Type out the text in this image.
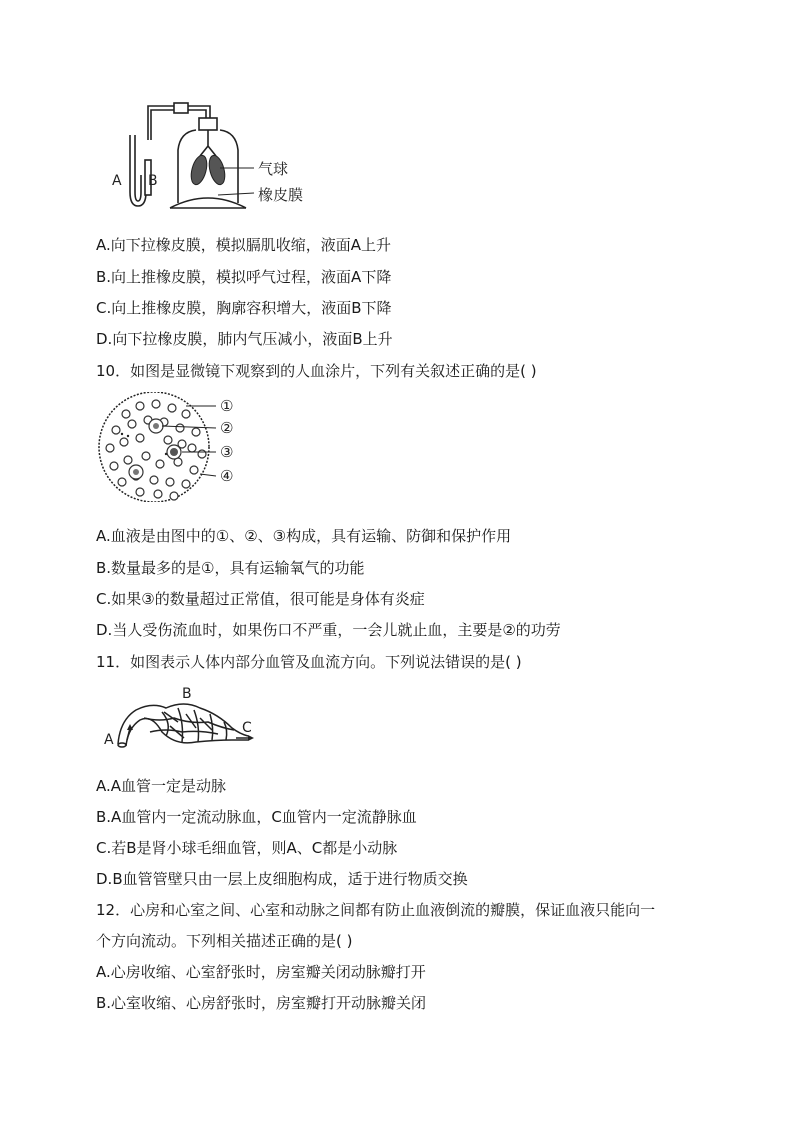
A B
气球
橡皮膜
A.向下拉橡皮膜，模拟膈肌收缩，液面A上升
B.向上推橡皮膜，模拟呼气过程，液面A下降
C.向上推橡皮膜，胸廓容积增大，液面B下降
D.向下拉橡皮膜，肺内气压减小，液面B上升
10．如图是显微镜下观察到的人血涂片，下列有关叙述正确的是( )
①
②
③
④
A.血液是由图中的①、②、③构成，具有运输、防御和保护作用
B.数量最多的是①，具有运输氧气的功能
C.如果③的数量超过正常值，很可能是身体有炎症
D.当人受伤流血时，如果伤口不严重，一会儿就止血，主要是②的功劳
11．如图表示人体内部分血管及血流方向。下列说法错误的是( )
A
B
C
A.A血管一定是动脉
B.A血管内一定流动脉血，C血管内一定流静脉血
C.若B是肾小球毛细血管，则A、C都是小动脉
D.B血管管壁只由一层上皮细胞构成，适于进行物质交换
12．心房和心室之间、心室和动脉之间都有防止血液倒流的瓣膜，保证血液只能向一
个方向流动。下列相关描述正确的是( )
A.心房收缩、心室舒张时，房室瓣关闭动脉瓣打开
B.心室收缩、心房舒张时，房室瓣打开动脉瓣关闭
